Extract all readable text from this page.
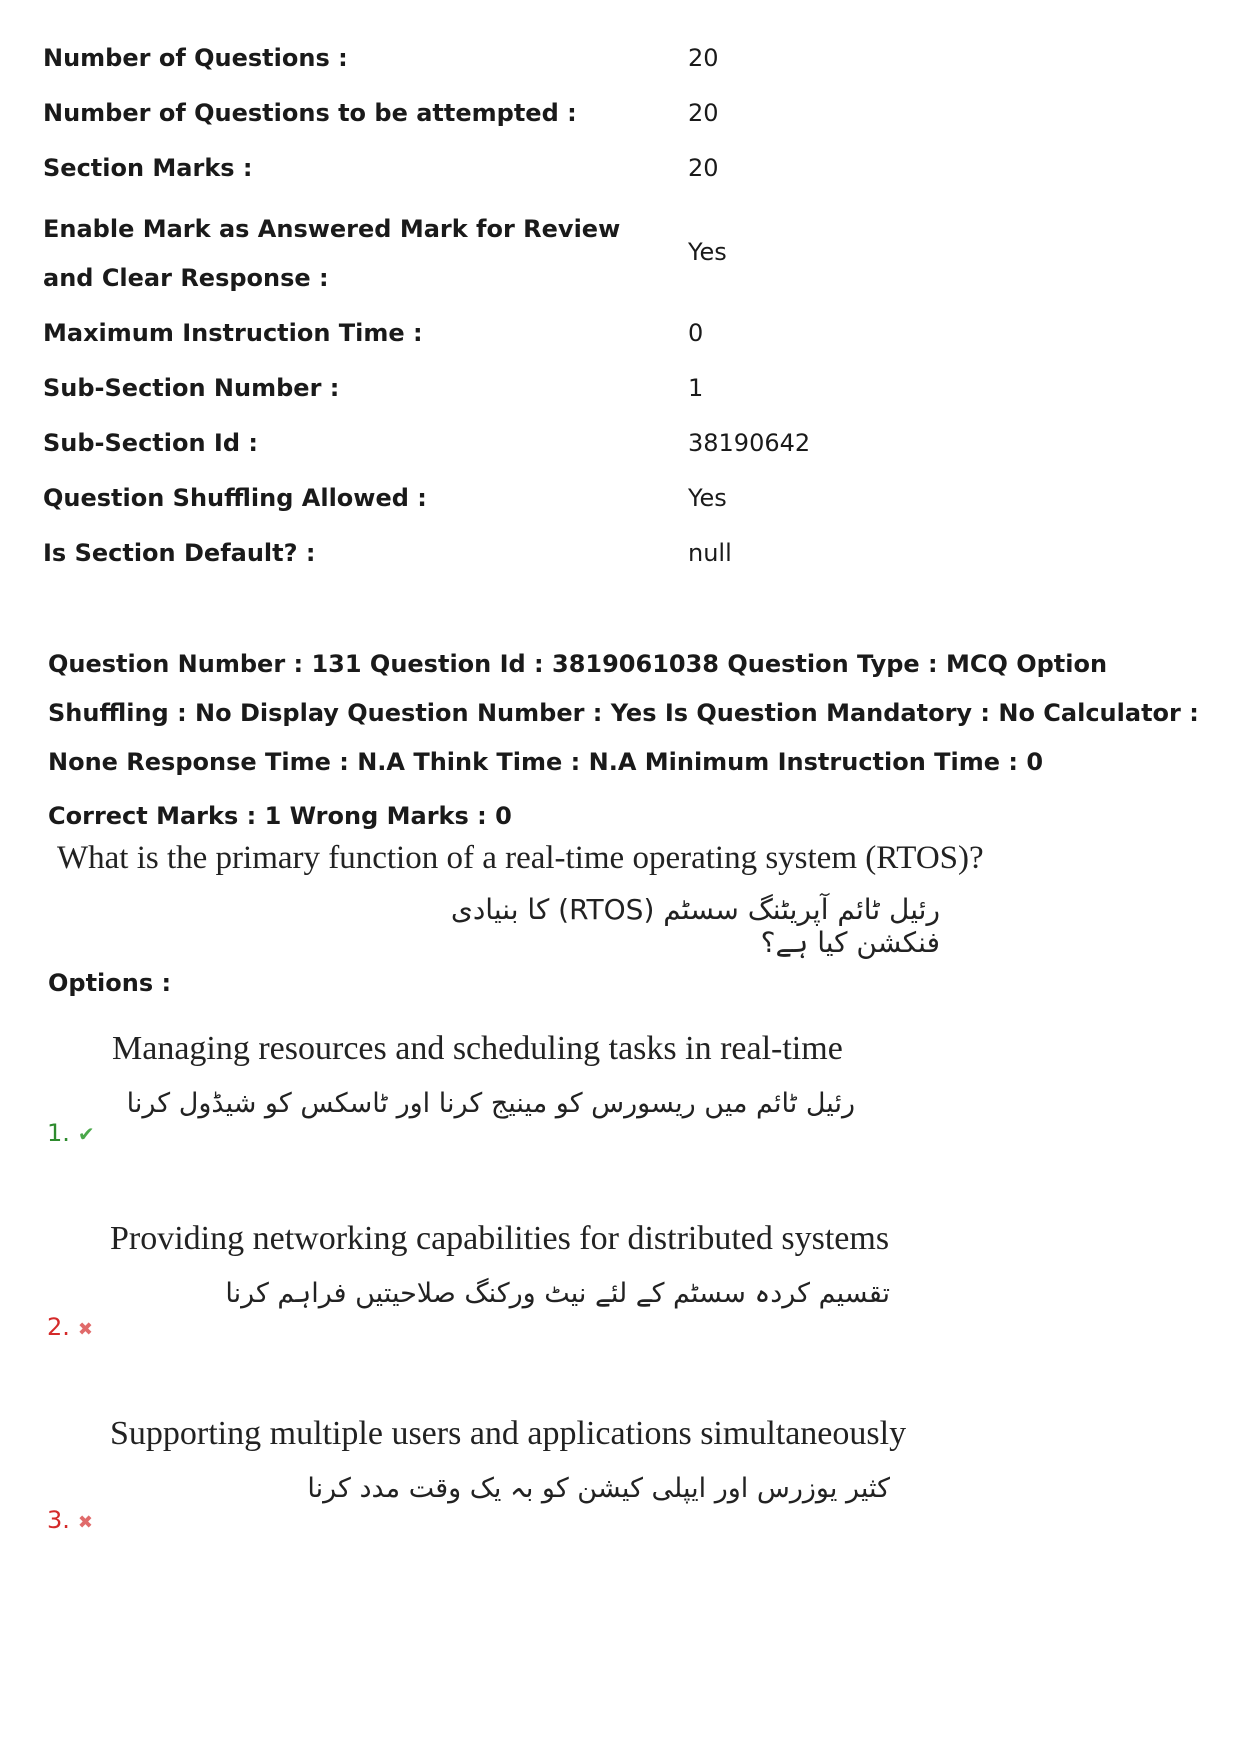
Number of Questions :	20
Number of Questions to be attempted :	20
Section Marks :	20
Enable Mark as Answered Mark for Review and Clear Response :
Yes
Maximum Instruction Time :	0
Sub-Section Number :	1
Sub-Section Id :	38190642
Question Shuffling Allowed :	Yes
Is Section Default? :	null
Question Number : 131 Question Id : 3819061038 Question Type : MCQ Option Shuffling : No Display Question Number : Yes Is Question Mandatory : No Calculator : None Response Time : N.A Think Time : N.A Minimum Instruction Time : 0
Correct Marks : 1 Wrong Marks : 0
What is the primary function of a real-time operating system (RTOS)?
رئیل ٹائم آپریٹنگ سسٹم (RTOS) کا بنیادی فنکشن کیا ہے؟
Options :
Managing resources and scheduling tasks in real-time
رئیل ٹائم میں ریسورس کو مینیج کرنا اور ٹاسکس کو شیڈول کرنا
1. ✔
Providing networking capabilities for distributed systems
تقسیم کردہ سسٹم کے لئے نیٹ ورکنگ صلاحیتیں فراہم کرنا
2. ✖
Supporting multiple users and applications simultaneously
کثیر یوزرس اور ایپلی کیشن کو بہ یک وقت مدد کرنا
3. ✖
